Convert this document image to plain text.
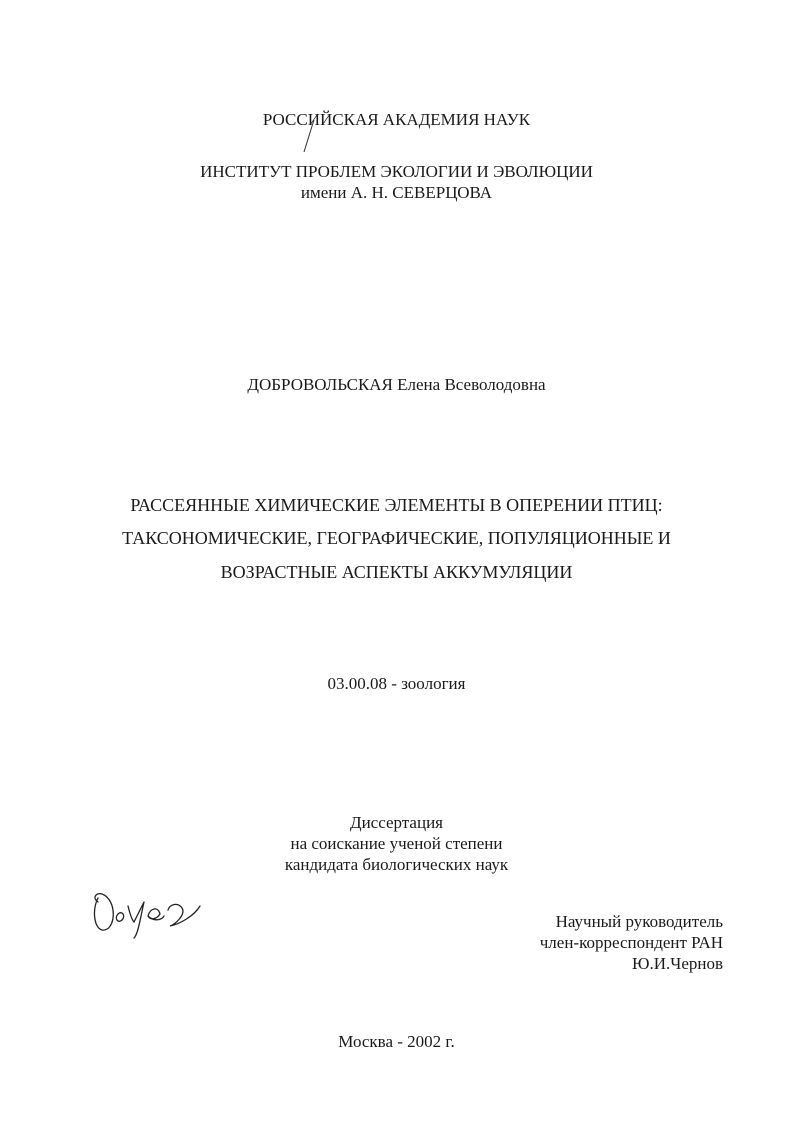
РОССИЙСКАЯ АКАДЕМИЯ НАУК
ИНСТИТУТ ПРОБЛЕМ ЭКОЛОГИИ И ЭВОЛЮЦИИ
имени А. Н. СЕВЕРЦОВА
ДОБРОВОЛЬСКАЯ Елена Всеволодовна
РАССЕЯННЫЕ ХИМИЧЕСКИЕ ЭЛЕМЕНТЫ В ОПЕРЕНИИ ПТИЦ:
ТАКСОНОМИЧЕСКИЕ, ГЕОГРАФИЧЕСКИЕ, ПОПУЛЯЦИОННЫЕ И
ВОЗРАСТНЫЕ АСПЕКТЫ АККУМУЛЯЦИИ
03.00.08 - зоология
Диссертация
на соискание ученой степени
кандидата биологических наук
Научный руководитель
член-корреспондент РАН
Ю.И.Чернов
Москва - 2002 г.
